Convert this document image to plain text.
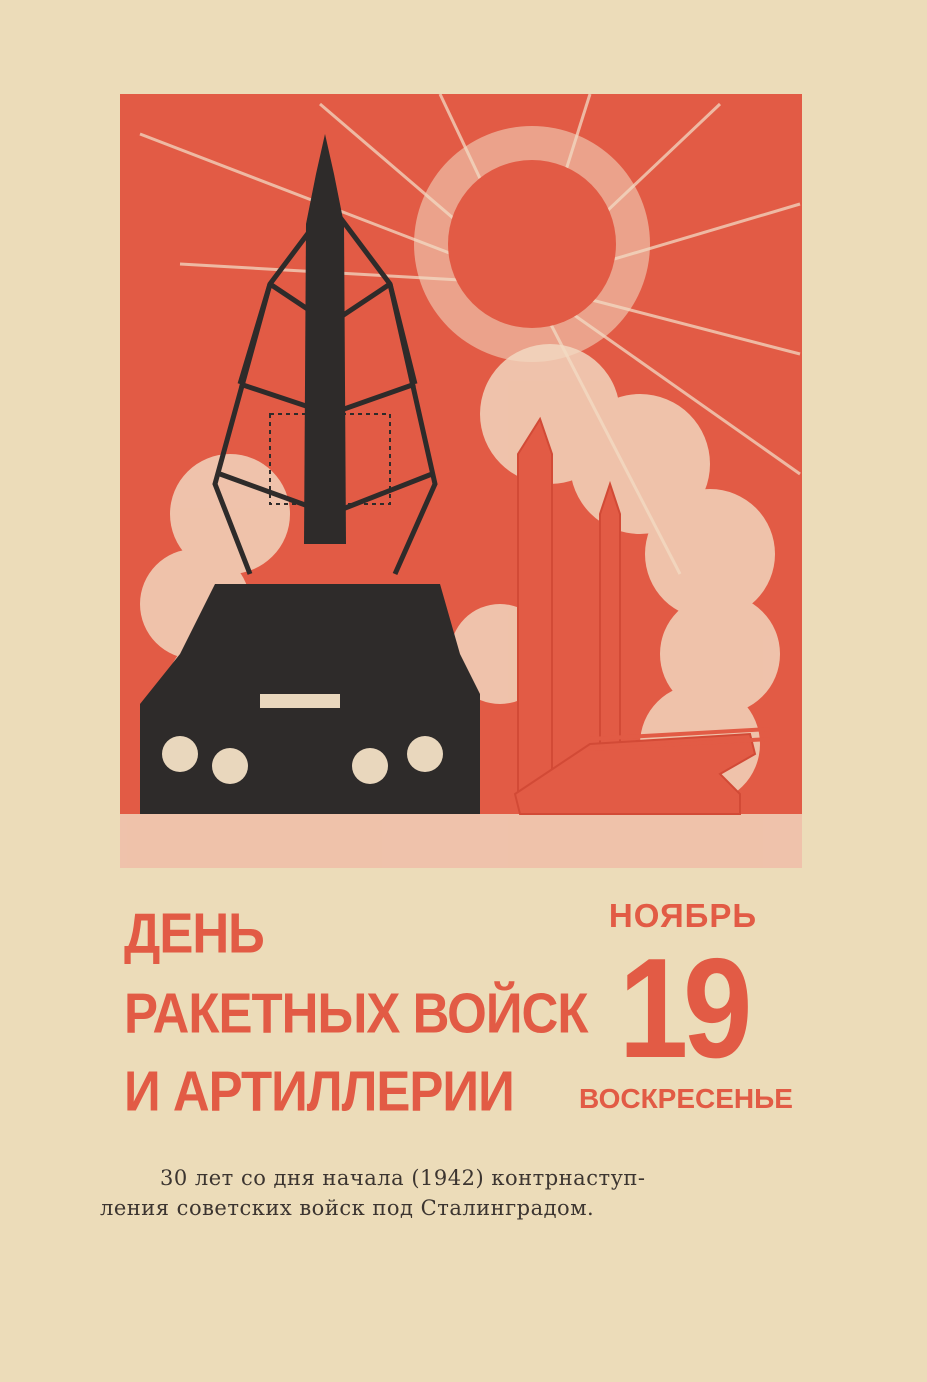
ДЕНЬ
РАКЕТНЫХ ВОЙСК
И АРТИЛЛЕРИИ
НОЯБРЬ
19
ВОСКРЕСЕНЬЕ
30 лет со дня начала (1942) контрнаступ-
ления советских войск под Сталинградом.
